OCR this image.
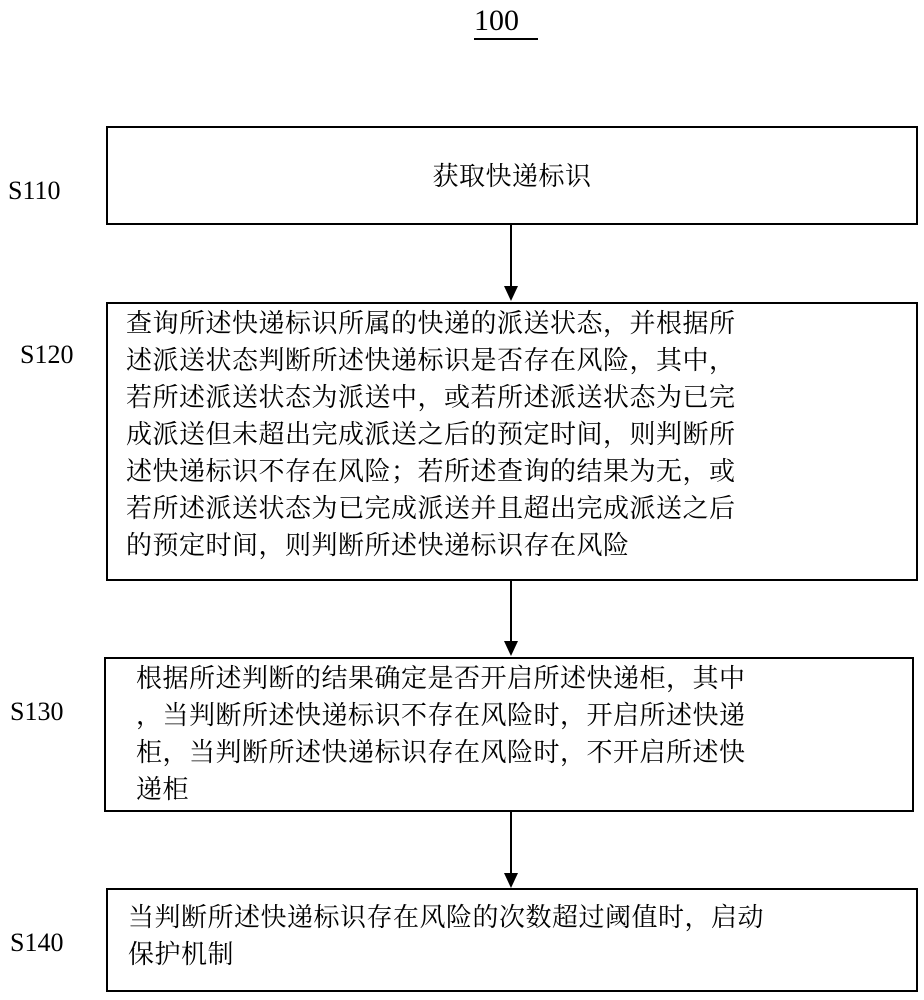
100
S110	获取快递标识
S120
查询所述快递标识所属的快递的派送状态，并根据所
述派送状态判断所述快递标识是否存在风险，其中，
若所述派送状态为派送中，或若所述派送状态为已完
成派送但未超出完成派送之后的预定时间，则判断所
述快递标识不存在风险；若所述查询的结果为无，或
若所述派送状态为已完成派送并且超出完成派送之后
的预定时间，则判断所述快递标识存在风险
S130
根据所述判断的结果确定是否开启所述快递柜，其中
，当判断所述快递标识不存在风险时，开启所述快递
柜，当判断所述快递标识存在风险时，不开启所述快
递柜
S140
当判断所述快递标识存在风险的次数超过阈值时，启动
保护机制
